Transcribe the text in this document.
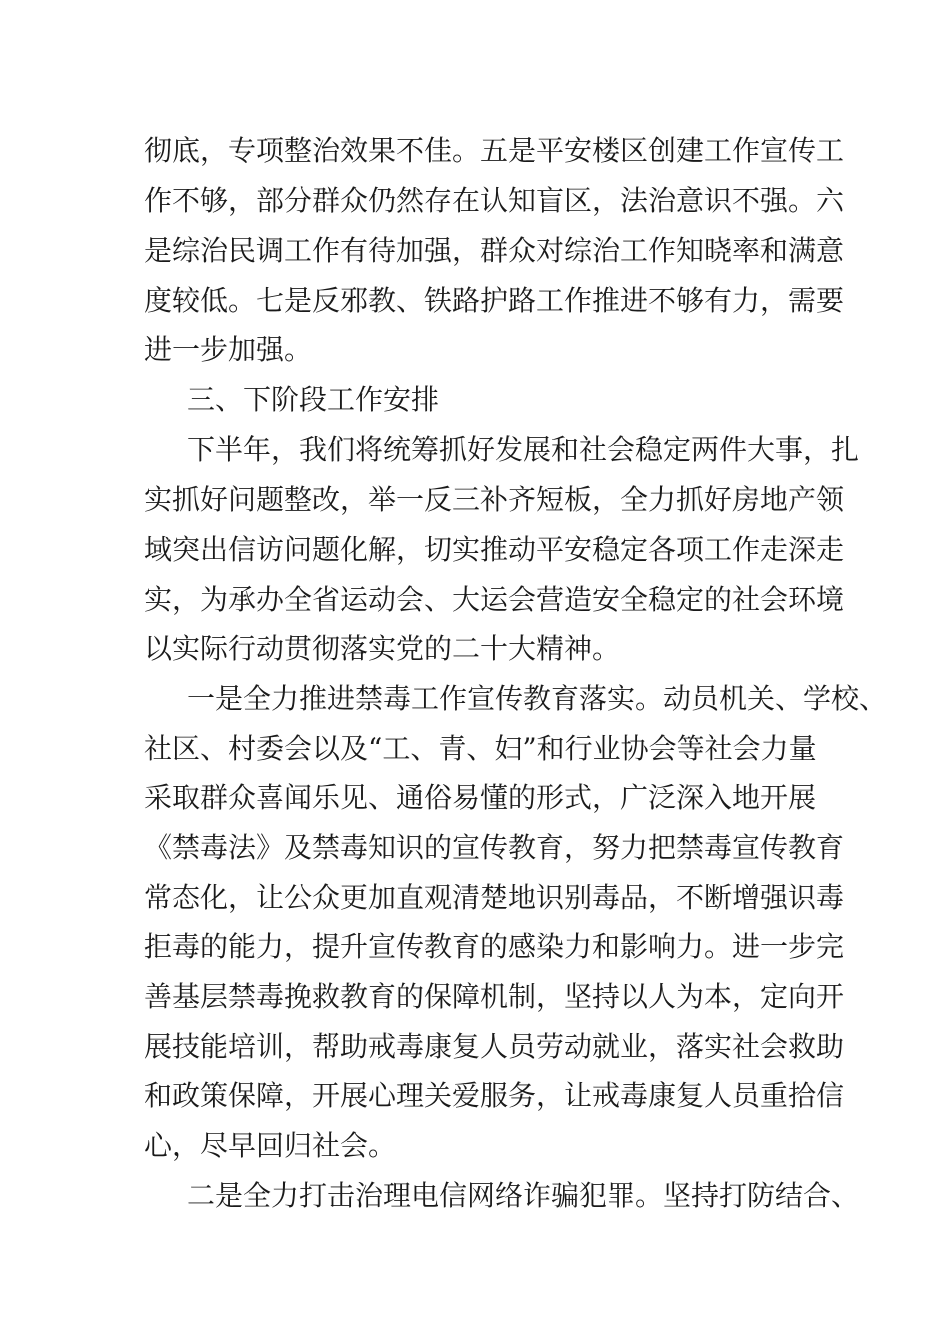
彻底，专项整治效果不佳。五是平安楼区创建工作宣传工
作不够，部分群众仍然存在认知盲区，法治意识不强。六
是综治民调工作有待加强，群众对综治工作知晓率和满意
度较低。七是反邪教、铁路护路工作推进不够有力，需要
进一步加强。
三、下阶段工作安排
下半年，我们将统筹抓好发展和社会稳定两件大事，扎
实抓好问题整改，举一反三补齐短板，全力抓好房地产领
域突出信访问题化解，切实推动平安稳定各项工作走深走
实，为承办全省运动会、大运会营造安全稳定的社会环境
以实际行动贯彻落实党的二十大精神。
一是全力推进禁毒工作宣传教育落实。动员机关、学校、
社区、村委会以及“工、青、妇”和行业协会等社会力量
采取群众喜闻乐见、通俗易懂的形式，广泛深入地开展
《禁毒法》及禁毒知识的宣传教育，努力把禁毒宣传教育
常态化，让公众更加直观清楚地识别毒品，不断增强识毒
拒毒的能力，提升宣传教育的感染力和影响力。进一步完
善基层禁毒挽救教育的保障机制，坚持以人为本，定向开
展技能培训，帮助戒毒康复人员劳动就业，落实社会救助
和政策保障，开展心理关爱服务，让戒毒康复人员重拾信
心，尽早回归社会。
二是全力打击治理电信网络诈骗犯罪。坚持打防结合、
